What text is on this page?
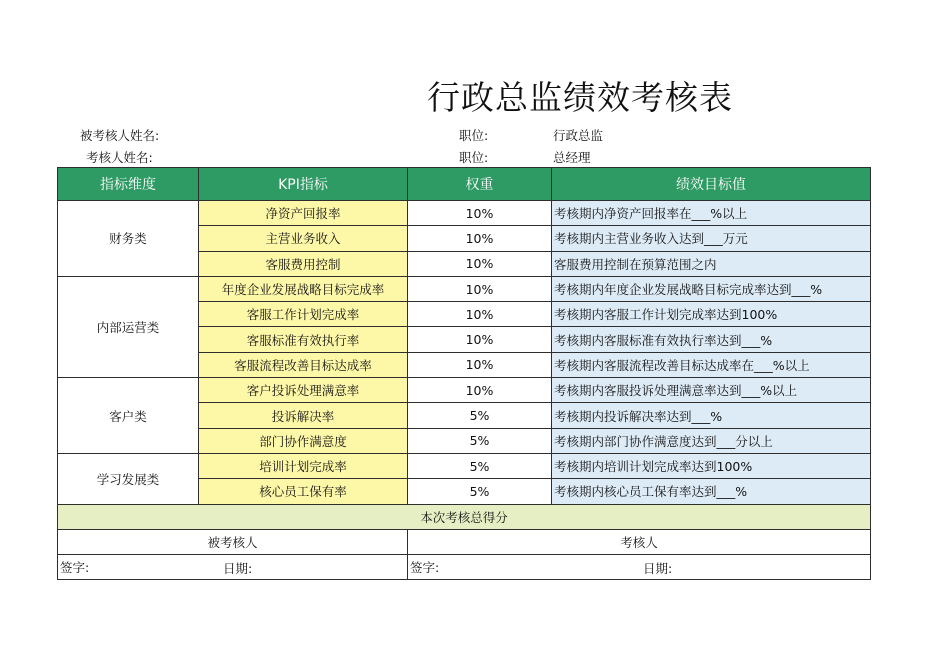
行政总监绩效考核表
被考核人姓名:
考核人姓名:
职位:	行政总监
职位:	总经理
指标维度	KPI指标	权重	绩效目标值
财务类	净资产回报率	10%	考核期内净资产回报率在___%以上
	主营业务收入	10%	考核期内主营业务收入达到___万元
	客服费用控制	10%	客服费用控制在预算范围之内
内部运营类	年度企业发展战略目标完成率	10%	考核期内年度企业发展战略目标完成率达到___%
	客服工作计划完成率	10%	考核期内客服工作计划完成率达到100%
	客服标准有效执行率	10%	考核期内客服标准有效执行率达到___%
	客服流程改善目标达成率	10%	考核期内客服流程改善目标达成率在___%以上
客户类	客户投诉处理满意率	10%	考核期内客服投诉处理满意率达到___%以上
	投诉解决率	5%	考核期内投诉解决率达到___%
	部门协作满意度	5%	考核期内部门协作满意度达到___分以上
学习发展类	培训计划完成率	5%	考核期内培训计划完成率达到100%
	核心员工保有率	5%	考核期内核心员工保有率达到___%
本次考核总得分			
被考核人		考核人	

签字: 日期:		签字: 日期:	
